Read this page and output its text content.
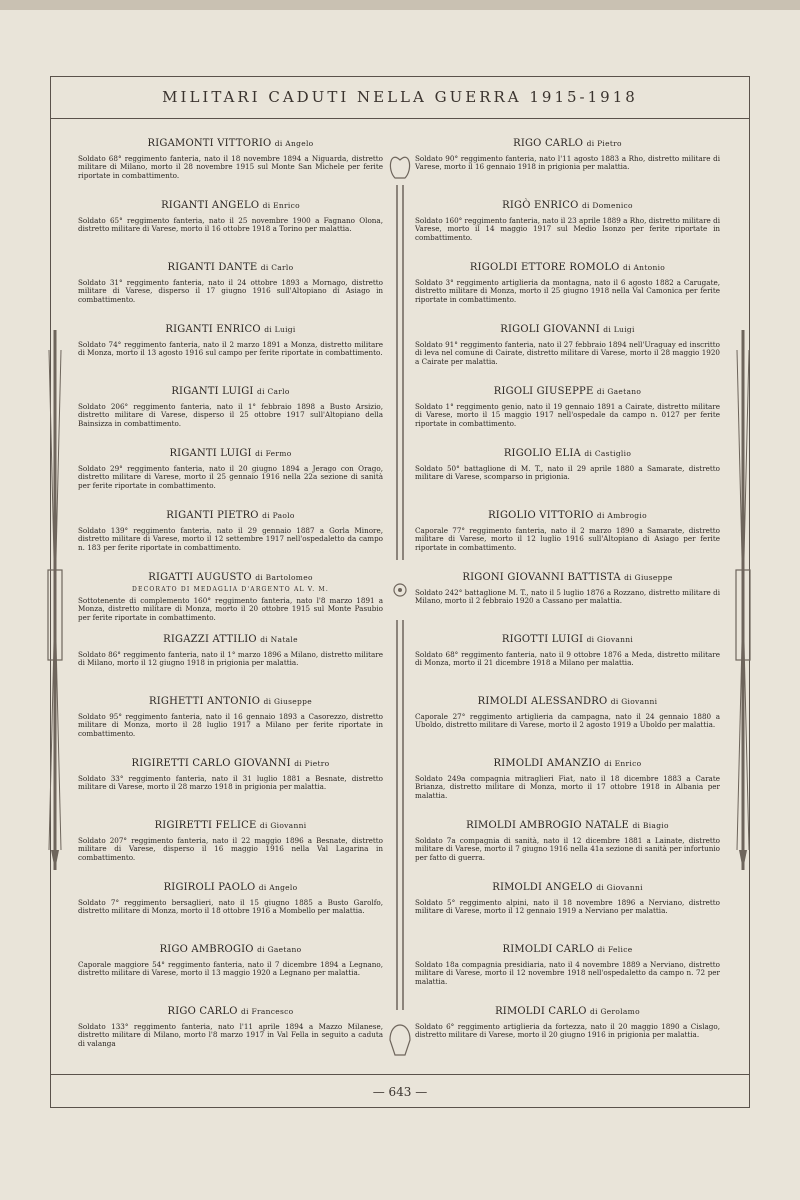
MILITARI CADUTI NELLA GUERRA 1915-1918
RIGAMONTI VITTORIO di Angelo

Soldato 68° reggimento fanteria, nato il 18 novembre 1894 a Niguarda, distretto militare di Milano, morto il 28 novembre 1915 sul Monte San Michele per ferite riportate in combattimento.

RIGANTI ANGELO di Enrico

Soldato 65° reggimento fanteria, nato il 25 novembre 1900 a Fagnano Olona, distretto militare di Varese, morto il 16 ottobre 1918 a Torino per malattia.

RIGANTI DANTE di Carlo

Soldato 31° reggimento fanteria, nato il 24 ottobre 1893 a Mornago, distretto militare di Varese, disperso il 17 giugno 1916 sull'Altopiano di Asiago in combattimento.

RIGANTI ENRICO di Luigi

Soldato 74° reggimento fanteria, nato il 2 marzo 1891 a Monza, distretto militare di Monza, morto il 13 agosto 1916 sul campo per ferite riportate in combattimento.

RIGANTI LUIGI di Carlo

Soldato 206° reggimento fanteria, nato il 1° febbraio 1898 a Busto Arsizio, distretto militare di Varese, disperso il 25 ottobre 1917 sull'Altopiano della Bainsizza in combattimento.

RIGANTI LUIGI di Fermo

Soldato 29° reggimento fanteria, nato il 20 giugno 1894 a Jerago con Orago, distretto militare di Varese, morto il 25 gennaio 1916 nella 22a sezione di sanità per ferite riportate in combattimento.

RIGANTI PIETRO di Paolo

Soldato 139° reggimento fanteria, nato il 29 gennaio 1887 a Gorla Minore, distretto militare di Varese, morto il 12 settembre 1917 nell'ospedaletto da campo n. 183 per ferite riportate in combattimento.

RIGATTI AUGUSTO di Bartolomeo
DECORATO DI MEDAGLIA D'ARGENTO AL V. M.

Sottotenente di complemento 160° reggimento fanteria, nato l'8 marzo 1891 a Monza, distretto militare di Monza, morto il 20 ottobre 1915 sul Monte Pasubio per ferite riportate in combattimento.

RIGAZZI ATTILIO di Natale

Soldato 86° reggimento fanteria, nato il 1° marzo 1896 a Milano, distretto militare di Milano, morto il 12 giugno 1918 in prigionia per malattia.

RIGHETTI ANTONIO di Giuseppe

Soldato 95° reggimento fanteria, nato il 16 gennaio 1893 a Casorezzo, distretto militare di Monza, morto il 28 luglio 1917 a Milano per ferite riportate in combattimento.

RIGIRETTI CARLO GIOVANNI di Pietro

Soldato 33° reggimento fanteria, nato il 31 luglio 1881 a Besnate, distretto militare di Varese, morto il 28 marzo 1918 in prigionia per malattia.

RIGIRETTI FELICE di Giovanni

Soldato 207° reggimento fanteria, nato il 22 maggio 1896 a Besnate, distretto militare di Varese, disperso il 16 maggio 1916 nella Val Lagarina in combattimento.

RIGIROLI PAOLO di Angelo

Soldato 7° reggimento bersaglieri, nato il 15 giugno 1885 a Busto Garolfo, distretto militare di Monza, morto il 18 ottobre 1916 a Mombello per malattia.

RIGO AMBROGIO di Gaetano

Caporale maggiore 54° reggimento fanteria, nato il 7 dicembre 1894 a Legnano, distretto militare di Varese, morto il 13 maggio 1920 a Legnano per malattia.

RIGO CARLO di Francesco

Soldato 133° reggimento fanteria, nato l'11 aprile 1894 a Mazzo Milanese, distretto militare di Milano, morto l'8 marzo 1917 in Val Fella in seguito a caduta di valanga

RIGO CARLO di Pietro

Soldato 90° reggimento fanteria, nato l'11 agosto 1883 a Rho, distretto militare di Varese, morto il 16 gennaio 1918 in prigionia per malattia.

RIGÒ ENRICO di Domenico

Soldato 160° reggimento fanteria, nato il 23 aprile 1889 a Rho, distretto militare di Varese, morto il 14 maggio 1917 sul Medio Isonzo per ferite riportate in combattimento.

RIGOLDI ETTORE ROMOLO di Antonio

Soldato 3° reggimento artiglieria da montagna, nato il 6 agosto 1882 a Carugate, distretto militare di Monza, morto il 25 giugno 1918 nella Val Camonica per ferite riportate in combattimento.

RIGOLI GIOVANNI di Luigi

Soldato 91° reggimento fanteria, nato il 27 febbraio 1894 nell'Uraguay ed inscritto di leva nel comune di Cairate, distretto militare di Varese, morto il 28 maggio 1920 a Cairate per malattia.

RIGOLI GIUSEPPE di Gaetano

Soldato 1° reggimento genio, nato il 19 gennaio 1891 a Cairate, distretto militare di Varese, morto il 15 maggio 1917 nell'ospedale da campo n. 0127 per ferite riportate in combattimento.

RIGOLIO ELIA di Castiglio

Soldato 50° battaglione di M. T., nato il 29 aprile 1880 a Samarate, distretto militare di Varese, scomparso in prigionia.

RIGOLIO VITTORIO di Ambrogio

Caporale 77° reggimento fanteria, nato il 2 marzo 1890 a Samarate, distretto militare di Varese, morto il 12 luglio 1916 sull'Altopiano di Asiago per ferite riportate in combattimento.

RIGONI GIOVANNI BATTISTA di Giuseppe

Soldato 242° battaglione M. T., nato il 5 luglio 1876 a Rozzano, distretto militare di Milano, morto il 2 febbraio 1920 a Cassano per malattia.

RIGOTTI LUIGI di Giovanni

Soldato 68° reggimento fanteria, nato il 9 ottobre 1876 a Meda, distretto militare di Monza, morto il 21 dicembre 1918 a Milano per malattia.

RIMOLDI ALESSANDRO di Giovanni

Caporale 27° reggimento artiglieria da campagna, nato il 24 gennaio 1880 a Uboldo, distretto militare di Varese, morto il 2 agosto 1919 a Uboldo per malattia.

RIMOLDI AMANZIO di Enrico

Soldato 249a compagnia mitraglieri Fiat, nato il 18 dicembre 1883 a Carate Brianza, distretto militare di Monza, morto il 17 ottobre 1918 in Albania per malattia.

RIMOLDI AMBROGIO NATALE di Biagio

Soldato 7a compagnia di sanità, nato il 12 dicembre 1881 a Lainate, distretto militare di Varese, morto il 7 giugno 1916 nella 41a sezione di sanità per infortunio per fatto di guerra.

RIMOLDI ANGELO di Giovanni

Soldato 5° reggimento alpini, nato il 18 novembre 1896 a Nerviano, distretto militare di Varese, morto il 12 gennaio 1919 a Nerviano per malattia.

RIMOLDI CARLO di Felice

Soldato 18a compagnia presidiaria, nato il 4 novembre 1889 a Nerviano, distretto militare di Varese, morto il 12 novembre 1918 nell'ospedaletto da campo n. 72 per malattia.

RIMOLDI CARLO di Gerolamo

Soldato 6° reggimento artiglieria da fortezza, nato il 20 maggio 1890 a Cislago, distretto militare di Varese, morto il 20 giugno 1916 in prigionia per malattia.

— 643 —
